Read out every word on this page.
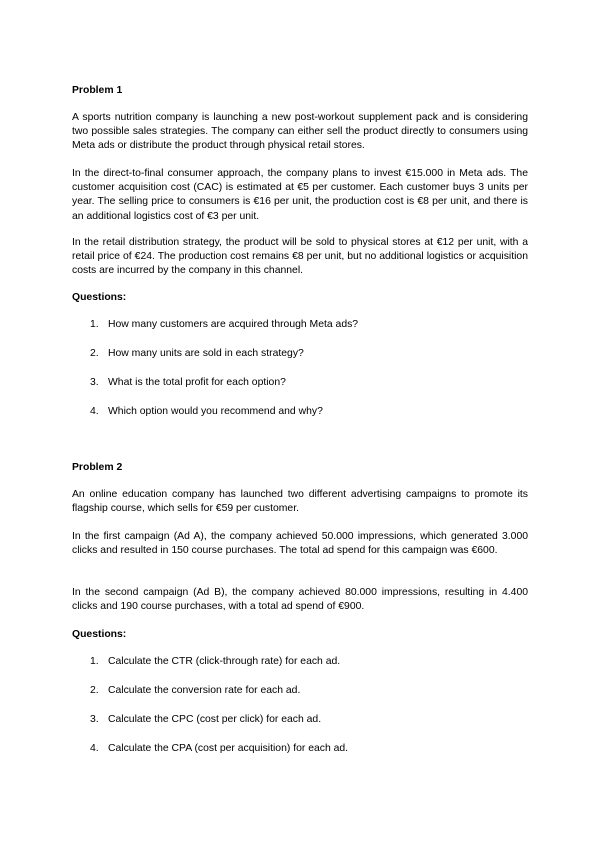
Problem 1

A sports nutrition company is launching a new post-workout supplement pack and is considering two possible sales strategies. The company can either sell the product directly to consumers using Meta ads or distribute the product through physical retail stores.

In the direct-to-final consumer approach, the company plans to invest €15.000 in Meta ads. The customer acquisition cost (CAC) is estimated at €5 per customer. Each customer buys 3 units per year. The selling price to consumers is €16 per unit, the production cost is €8 per unit, and there is an additional logistics cost of €3 per unit.

In the retail distribution strategy, the product will be sold to physical stores at €12 per unit, with a retail price of €24. The production cost remains €8 per unit, but no additional logistics or acquisition costs are incurred by the company in this channel.

Questions:

1. How many customers are acquired through Meta ads?
2. How many units are sold in each strategy?
3. What is the total profit for each option?
4. Which option would you recommend and why?

Problem 2

An online education company has launched two different advertising campaigns to promote its flagship course, which sells for €59 per customer.

In the first campaign (Ad A), the company achieved 50.000 impressions, which generated 3.000 clicks and resulted in 150 course purchases. The total ad spend for this campaign was €600.

In the second campaign (Ad B), the company achieved 80.000 impressions, resulting in 4.400 clicks and 190 course purchases, with a total ad spend of €900.

Questions:

1. Calculate the CTR (click-through rate) for each ad.
2. Calculate the conversion rate for each ad.
3. Calculate the CPC (cost per click) for each ad.
4. Calculate the CPA (cost per acquisition) for each ad.
